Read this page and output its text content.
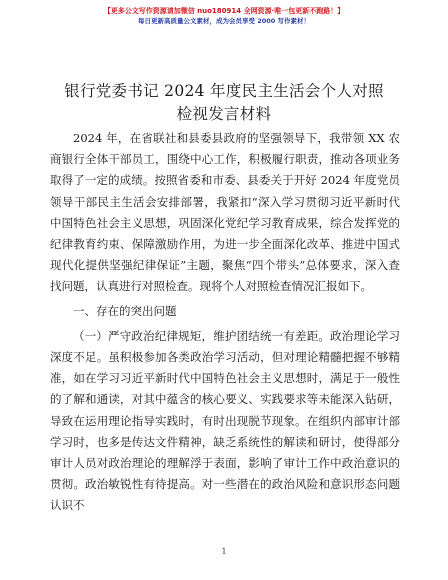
【更多公文写作资源请加微信 nuo180914 全网资源·唯一包更新不跑路！】
每日更新高质量公文素材，成为会员享受 2000 写作素材！
银行党委书记 2024 年度民主生活会个人对照检视发言材料

2024 年，在省联社和县委县政府的坚强领导下，我带领 XX 农商银行全体干部员工，围绕中心工作，积极履行职责，推动各项业务取得了一定的成绩。按照省委和市委、县委关于开好 2024 年度党员领导干部民主生活会安排部署，我紧扣“深入学习贯彻习近平新时代中国特色社会主义思想，巩固深化党纪学习教育成果，综合发挥党的纪律教育约束、保障激励作用，为进一步全面深化改革、推进中国式现代化提供坚强纪律保证”主题，聚焦“四个带头”总体要求，深入查找问题，认真进行对照检查。现将个人对照检查情况汇报如下。

一、存在的突出问题

（一）严守政治纪律规矩，维护团结统一有差距。政治理论学习深度不足。虽积极参加各类政治学习活动，但对理论精髓把握不够精准，如在学习习近平新时代中国特色社会主义思想时，满足于一般性的了解和通读，对其中蕴含的核心要义、实践要求等未能深入钻研，导致在运用理论指导实践时，有时出现脱节现象。在组织内部审计部学习时，也多是传达文件精神，缺乏系统性的解读和研讨，使得部分审计人员对政治理论的理解浮于表面，影响了审计工作中政治意识的贯彻。政治敏锐性有待提高。对一些潜在的政治风险和意识形态问题认识不

1
